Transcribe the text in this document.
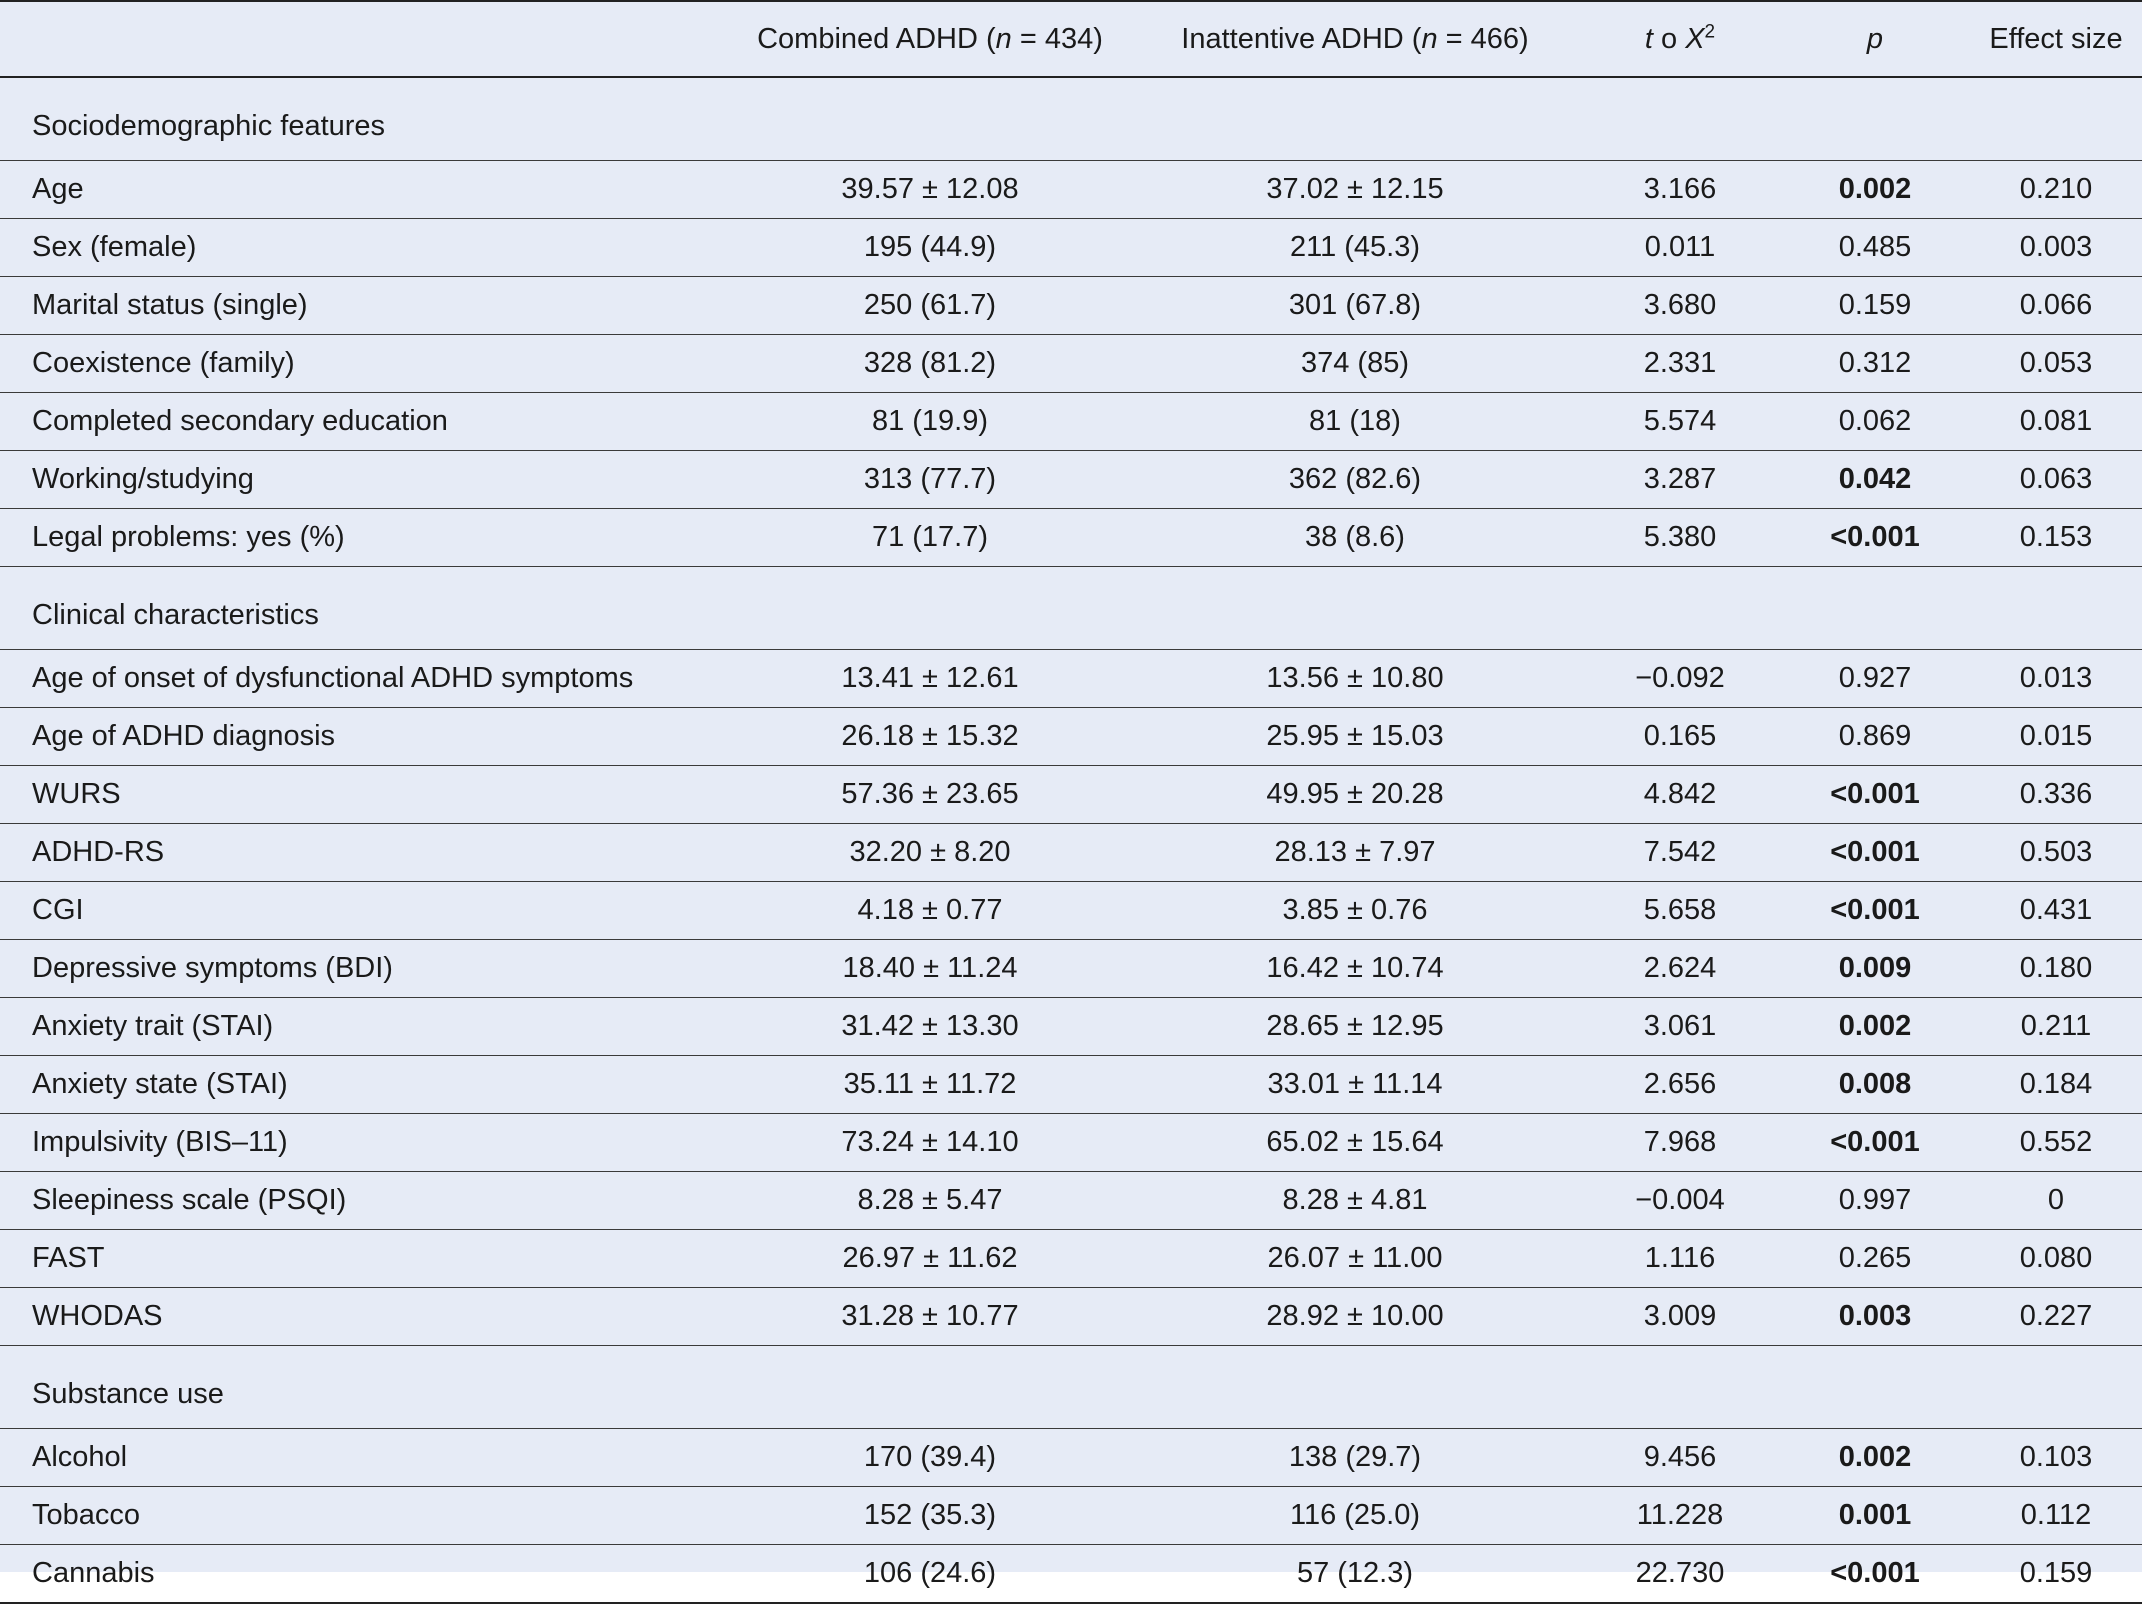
	Combined ADHD (n = 434)	Inattentive ADHD (n = 466)	t o $X^2$	p	Effect size
Sociodemographic features					
Age	39.57 ± 12.08	37.02 ± 12.15	3.166	0.002	0.210
Sex (female)	195 (44.9)	211 (45.3)	0.011	0.485	0.003
Marital status (single)	250 (61.7)	301 (67.8)	3.680	0.159	0.066
Coexistence (family)	328 (81.2)	374 (85)	2.331	0.312	0.053
Completed secondary education	81 (19.9)	81 (18)	5.574	0.062	0.081
Working/studying	313 (77.7)	362 (82.6)	3.287	0.042	0.063
Legal problems: yes (%)	71 (17.7)	38 (8.6)	5.380	<0.001	0.153
Clinical characteristics					
Age of onset of dysfunctional ADHD symptoms	13.41 ± 12.61	13.56 ± 10.80	−0.092	0.927	0.013
Age of ADHD diagnosis	26.18 ± 15.32	25.95 ± 15.03	0.165	0.869	0.015
WURS	57.36 ± 23.65	49.95 ± 20.28	4.842	<0.001	0.336
ADHD-RS	32.20 ± 8.20	28.13 ± 7.97	7.542	<0.001	0.503
CGI	4.18 ± 0.77	3.85 ± 0.76	5.658	<0.001	0.431
Depressive symptoms (BDI)	18.40 ± 11.24	16.42 ± 10.74	2.624	0.009	0.180
Anxiety trait (STAI)	31.42 ± 13.30	28.65 ± 12.95	3.061	0.002	0.211
Anxiety state (STAI)	35.11 ± 11.72	33.01 ± 11.14	2.656	0.008	0.184
Impulsivity (BIS–11)	73.24 ± 14.10	65.02 ± 15.64	7.968	<0.001	0.552
Sleepiness scale (PSQI)	8.28 ± 5.47	8.28 ± 4.81	−0.004	0.997	0
FAST	26.97 ± 11.62	26.07 ± 11.00	1.116	0.265	0.080
WHODAS	31.28 ± 10.77	28.92 ± 10.00	3.009	0.003	0.227
Substance use					
Alcohol	170 (39.4)	138 (29.7)	9.456	0.002	0.103
Tobacco	152 (35.3)	116 (25.0)	11.228	0.001	0.112
Cannabis	106 (24.6)	57 (12.3)	22.730	<0.001	0.159
